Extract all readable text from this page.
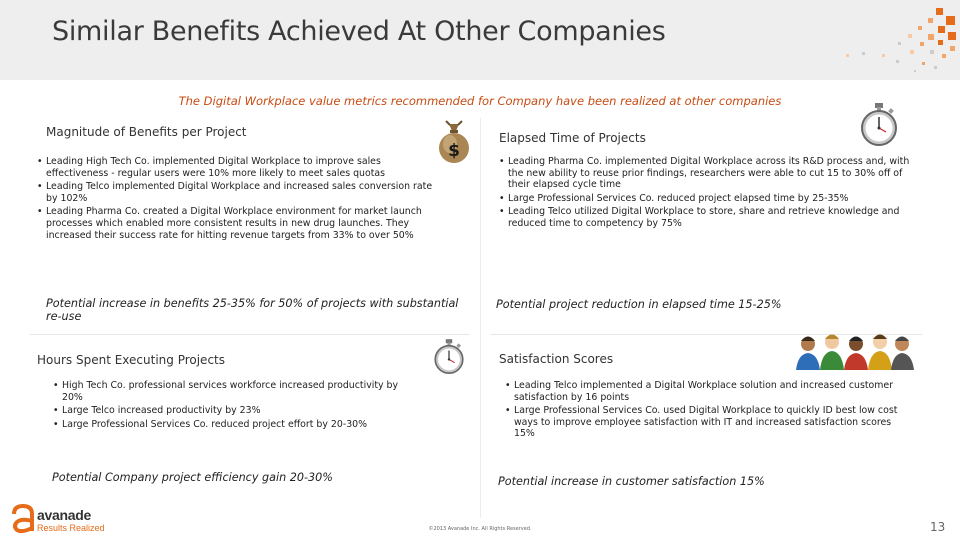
Similar Benefits Achieved At Other Companies
The Digital Workplace value metrics recommended for Company have been realized at other companies
Magnitude of Benefits per Project
$
• Leading High Tech Co. implemented Digital Workplace to improve sales effectiveness - regular users were 10% more likely to meet sales quotas
• Leading Telco implemented Digital Workplace and increased sales conversion rate by 102%
• Leading Pharma Co. created a Digital Workplace environment for market launch processes which enabled more consistent results in new drug launches. They increased their success rate for hitting revenue targets from 33% to over 50%
Potential increase in benefits 25-35% for 50% of projects with substantial re-use
Elapsed Time of Projects
• Leading Pharma Co. implemented Digital Workplace across its R&D process and, with the new ability to reuse prior findings, researchers were able to cut 15 to 30% off of their elapsed cycle time
• Large Professional Services Co. reduced project elapsed time by 25-35%
• Leading Telco utilized Digital Workplace to store, share and retrieve knowledge and reduced time to competency by 75%
Potential project reduction in elapsed time 15-25%
Hours Spent Executing Projects
• High Tech Co. professional services workforce increased productivity by 20%
• Large Telco increased productivity by 23%
• Large Professional Services Co. reduced project effort by 20-30%
Potential Company project efficiency gain 20-30%
Satisfaction Scores
• Leading Telco implemented a Digital Workplace solution and increased customer satisfaction by 16 points
• Large Professional Services Co. used Digital Workplace to quickly ID best low cost ways to improve employee satisfaction with IT and increased satisfaction scores 15%
Potential increase in customer satisfaction 15%
avanade
Results Realized	©2013 Avanade Inc. All Rights Reserved.	13
